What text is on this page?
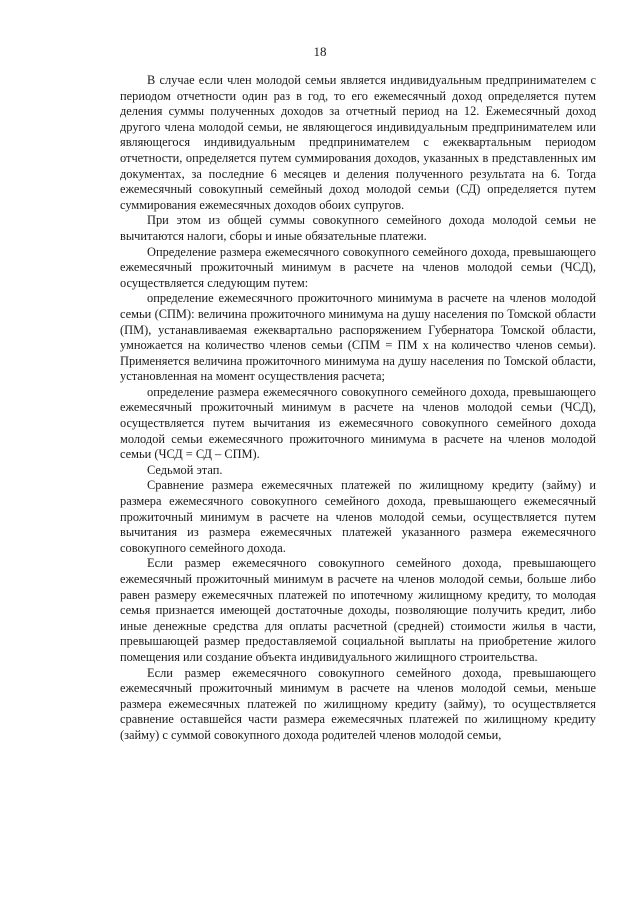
18

В случае если член молодой семьи является индивидуальным предпринимателем с периодом отчетности один раз в год, то его ежемесячный доход определяется путем деления суммы полученных доходов за отчетный период на 12. Ежемесячный доход другого члена молодой семьи, не являющегося индивидуальным предпринимателем или являющегося индивидуальным предпринимателем с ежеквартальным периодом отчетности, определяется путем суммирования доходов, указанных в представленных им документах, за последние 6 месяцев и деления полученного результата на 6. Тогда ежемесячный совокупный семейный доход молодой семьи (СД) определяется путем суммирования ежемесячных доходов обоих супругов.

При этом из общей суммы совокупного семейного дохода молодой семьи не вычитаются налоги, сборы и иные обязательные платежи.

Определение размера ежемесячного совокупного семейного дохода, превышающего ежемесячный прожиточный минимум в расчете на членов молодой семьи (ЧСД), осуществляется следующим путем:

определение ежемесячного прожиточного минимума в расчете на членов молодой семьи (СПМ): величина прожиточного минимума на душу населения по Томской области (ПМ), устанавливаемая ежеквартально распоряжением Губернатора Томской области, умножается на количество членов семьи (СПМ = ПМ х на количество членов семьи). Применяется величина прожиточного минимума на душу населения по Томской области, установленная на момент осуществления расчета;

определение размера ежемесячного совокупного семейного дохода, превышающего ежемесячный прожиточный минимум в расчете на членов молодой семьи (ЧСД), осуществляется путем вычитания из ежемесячного совокупного семейного дохода молодой семьи ежемесячного прожиточного минимума в расчете на членов молодой семьи (ЧСД = СД – СПМ).

Седьмой этап.

Сравнение размера ежемесячных платежей по жилищному кредиту (займу) и размера ежемесячного совокупного семейного дохода, превышающего ежемесячный прожиточный минимум в расчете на членов молодой семьи, осуществляется путем вычитания из размера ежемесячных платежей указанного размера ежемесячного совокупного семейного дохода.

Если размер ежемесячного совокупного семейного дохода, превышающего ежемесячный прожиточный минимум в расчете на членов молодой семьи, больше либо равен размеру ежемесячных платежей по ипотечному жилищному кредиту, то молодая семья признается имеющей достаточные доходы, позволяющие получить кредит, либо иные денежные средства для оплаты расчетной (средней) стоимости жилья в части, превышающей размер предоставляемой социальной выплаты на приобретение жилого помещения или создание объекта индивидуального жилищного строительства.

Если размер ежемесячного совокупного семейного дохода, превышающего ежемесячный прожиточный минимум в расчете на членов молодой семьи, меньше размера ежемесячных платежей по жилищному кредиту (займу), то осуществляется сравнение оставшейся части размера ежемесячных платежей по жилищному кредиту (займу) с суммой совокупного дохода родителей членов молодой семьи,
